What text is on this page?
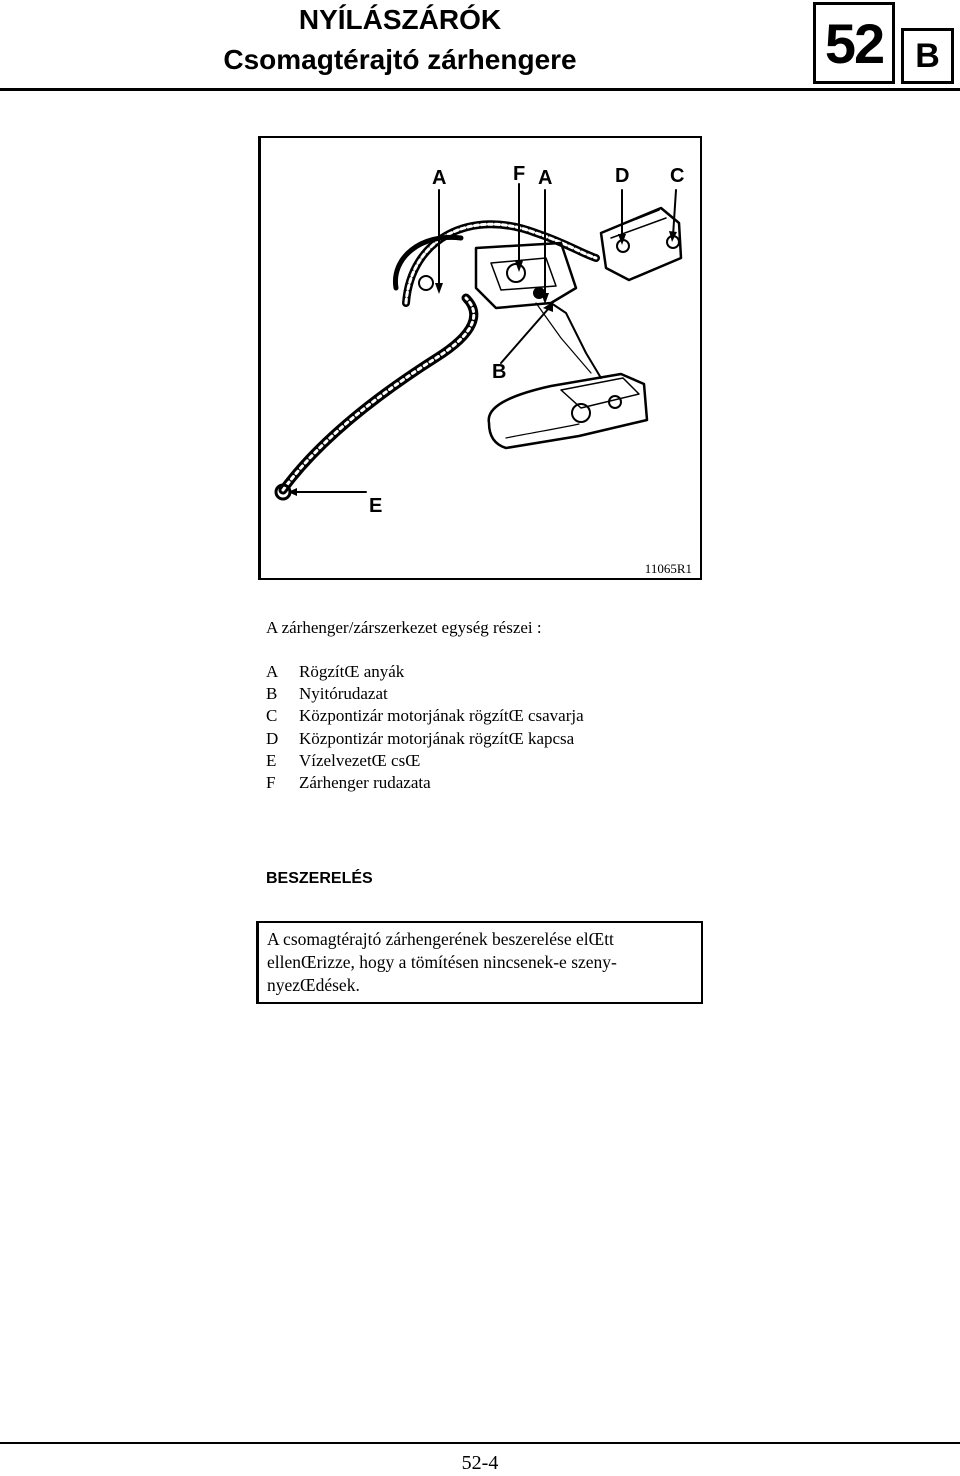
NYÍLÁSZÁRÓK
Csomagtérajtó zárhengere	52 B
A	F A	D C
B
E
11065R1
A zárhenger/zárszerkezet egység részei :
A RögzítŒ anyák
B Nyitórudazat
C Központizár motorjának rögzítŒ csavarja
D Központizár motorjának rögzítŒ kapcsa
E VízelvezetŒ csŒ
F Zárhenger rudazata
BESZERELÉS
A csomagtérajtó zárhengerének beszerelése elŒtt
ellenŒrizze, hogy a tömítésen nincsenek-e szeny-
nyezŒdések.
52-4
